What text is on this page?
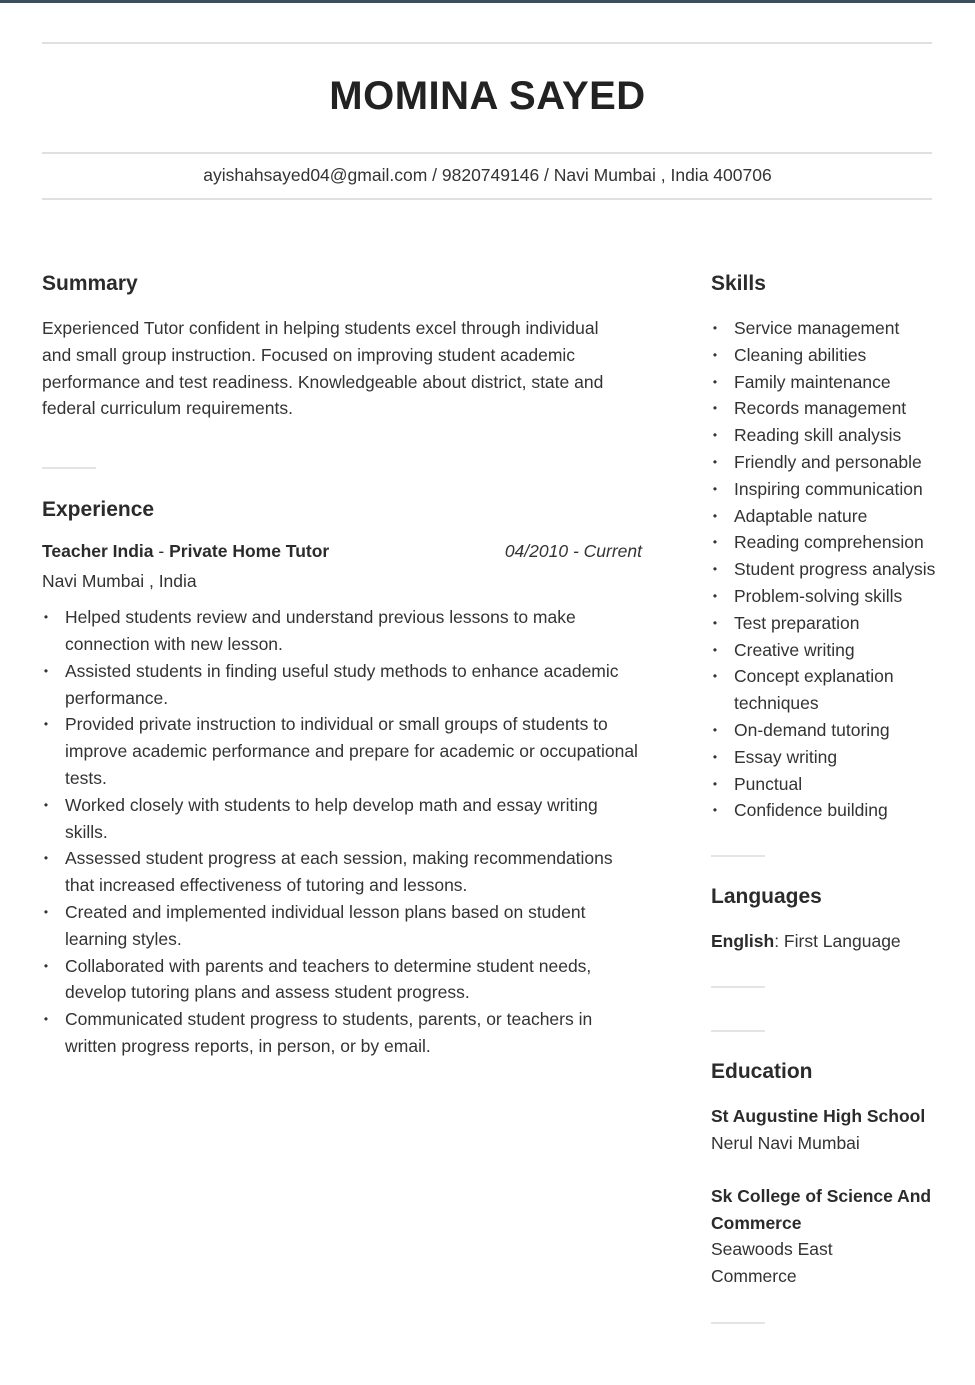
MOMINA SAYED
ayishahsayed04@gmail.com / 9820749146 / Navi Mumbai , India 400706
Summary

Experienced Tutor confident in helping students excel through individual and small group instruction. Focused on improving student academic performance and test readiness. Knowledgeable about district, state and federal curriculum requirements.

Experience
Teacher India - Private Home Tutor	04/2010 - Current
Navi Mumbai , India
• Helped students review and understand previous lessons to make connection with new lesson.
• Assisted students in finding useful study methods to enhance academic performance.
• Provided private instruction to individual or small groups of students to improve academic performance and prepare for academic or occupational tests.
• Worked closely with students to help develop math and essay writing skills.
• Assessed student progress at each session, making recommendations that increased effectiveness of tutoring and lessons.
• Created and implemented individual lesson plans based on student learning styles.
• Collaborated with parents and teachers to determine student needs, develop tutoring plans and assess student progress.
• Communicated student progress to students, parents, or teachers in written progress reports, in person, or by email.
Skills
• Service management
• Cleaning abilities
• Family maintenance
• Records management
• Reading skill analysis
• Friendly and personable
• Inspiring communication
• Adaptable nature
• Reading comprehension
• Student progress analysis
• Problem-solving skills
• Test preparation
• Creative writing
• Concept explanation techniques
• On-demand tutoring
• Essay writing
• Punctual
• Confidence building
Languages
English: First Language
Education
St Augustine High School
Nerul Navi Mumbai
Sk College of Science And Commerce
Seawoods East
Commerce
